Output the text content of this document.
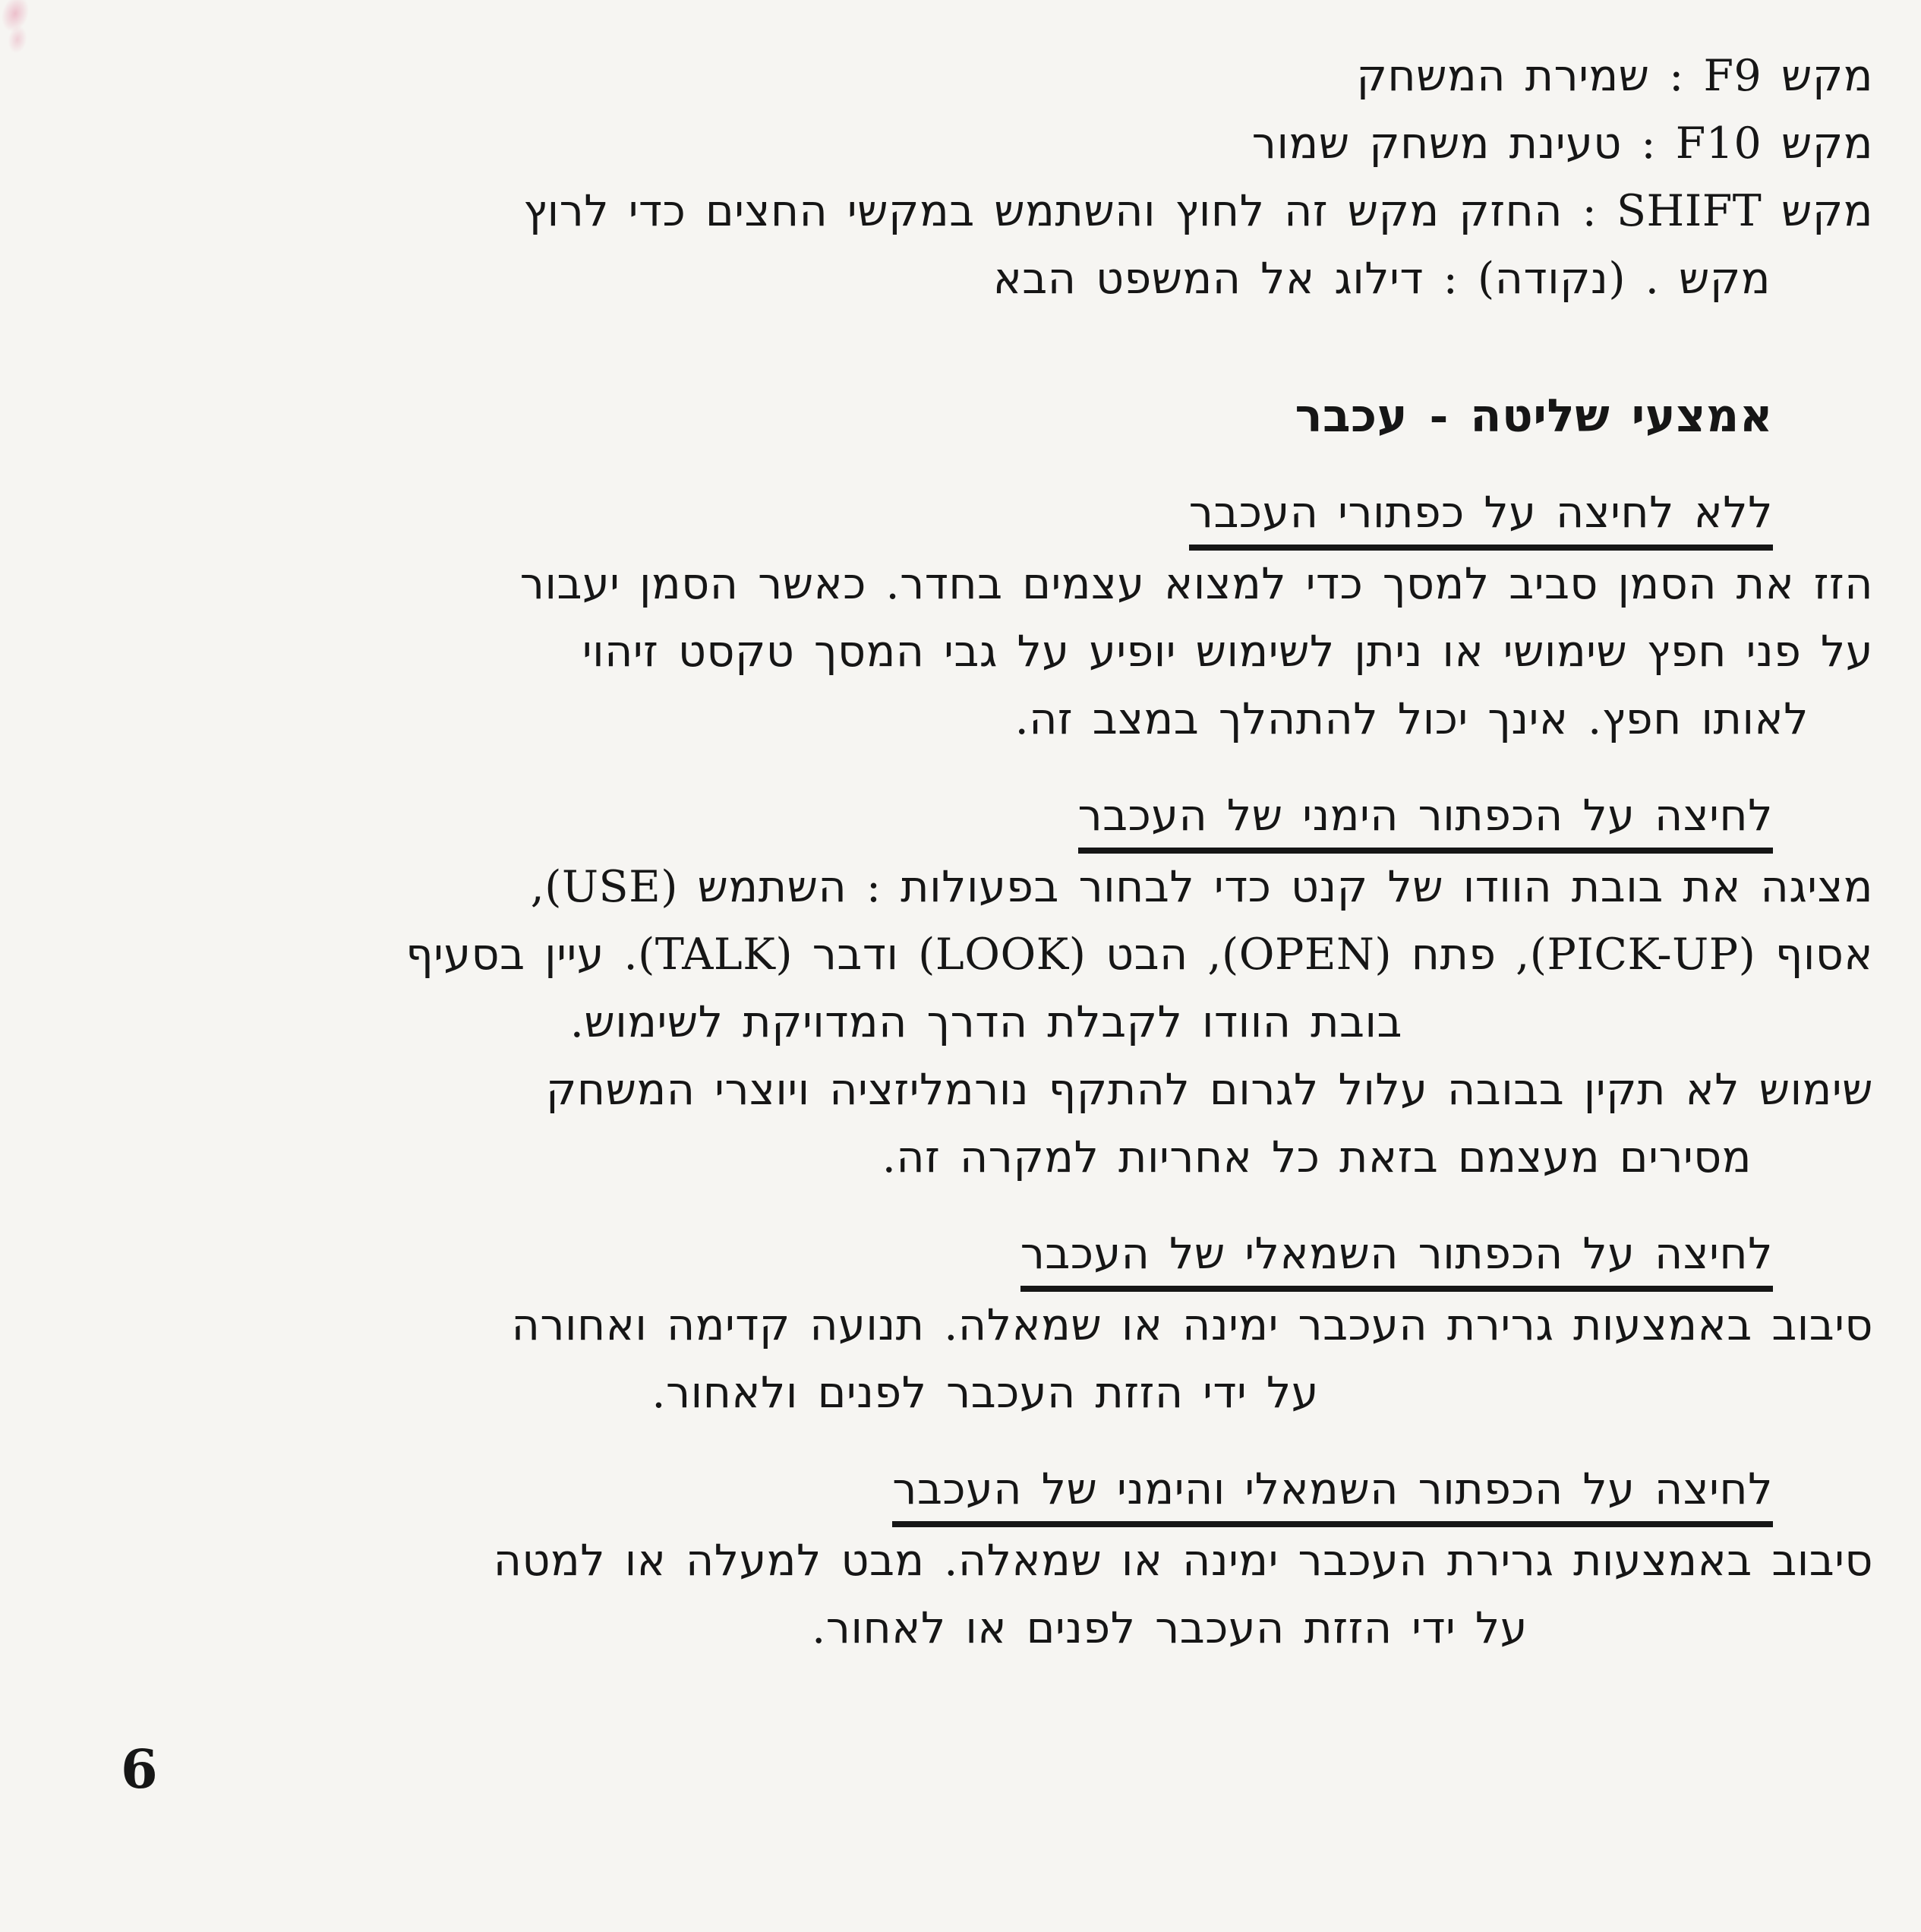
מקש F9 : שמירת המשחק
מקש F10 : טעינת משחק שמור
מקש SHIFT : החזק מקש זה לחוץ והשתמש במקשי החצים כדי לרוץ
מקש . (נקודה) : דילוג אל המשפט הבא
אמצעי שליטה - עכבר
ללא לחיצה על כפתורי העכבר
הזז את הסמן סביב למסך כדי למצוא עצמים בחדר. כאשר הסמן יעבור
על פני חפץ שימושי או ניתן לשימוש יופיע על גבי המסך טקסט זיהוי
לאותו חפץ. אינך יכול להתהלך במצב זה.
לחיצה על הכפתור הימני של העכבר
מציגה את בובת הוודו של קנט כדי לבחור בפעולות : השתמש (USE),
אסוף (PICK-UP), פתח (OPEN), הבט (LOOK) ודבר (TALK). עיין בסעיף
בובת הוודו לקבלת הדרך המדויקת לשימוש.
שימוש לא תקין בבובה עלול לגרום להתקף נורמליזציה ויוצרי המשחק
מסירים מעצמם בזאת כל אחריות למקרה זה.
לחיצה על הכפתור השמאלי של העכבר
סיבוב באמצעות גרירת העכבר ימינה או שמאלה. תנועה קדימה ואחורה
על ידי הזזת העכבר לפנים ולאחור.
לחיצה על הכפתור השמאלי והימני של העכבר
סיבוב באמצעות גרירת העכבר ימינה או שמאלה. מבט למעלה או למטה
על ידי הזזת העכבר לפנים או לאחור.
6
